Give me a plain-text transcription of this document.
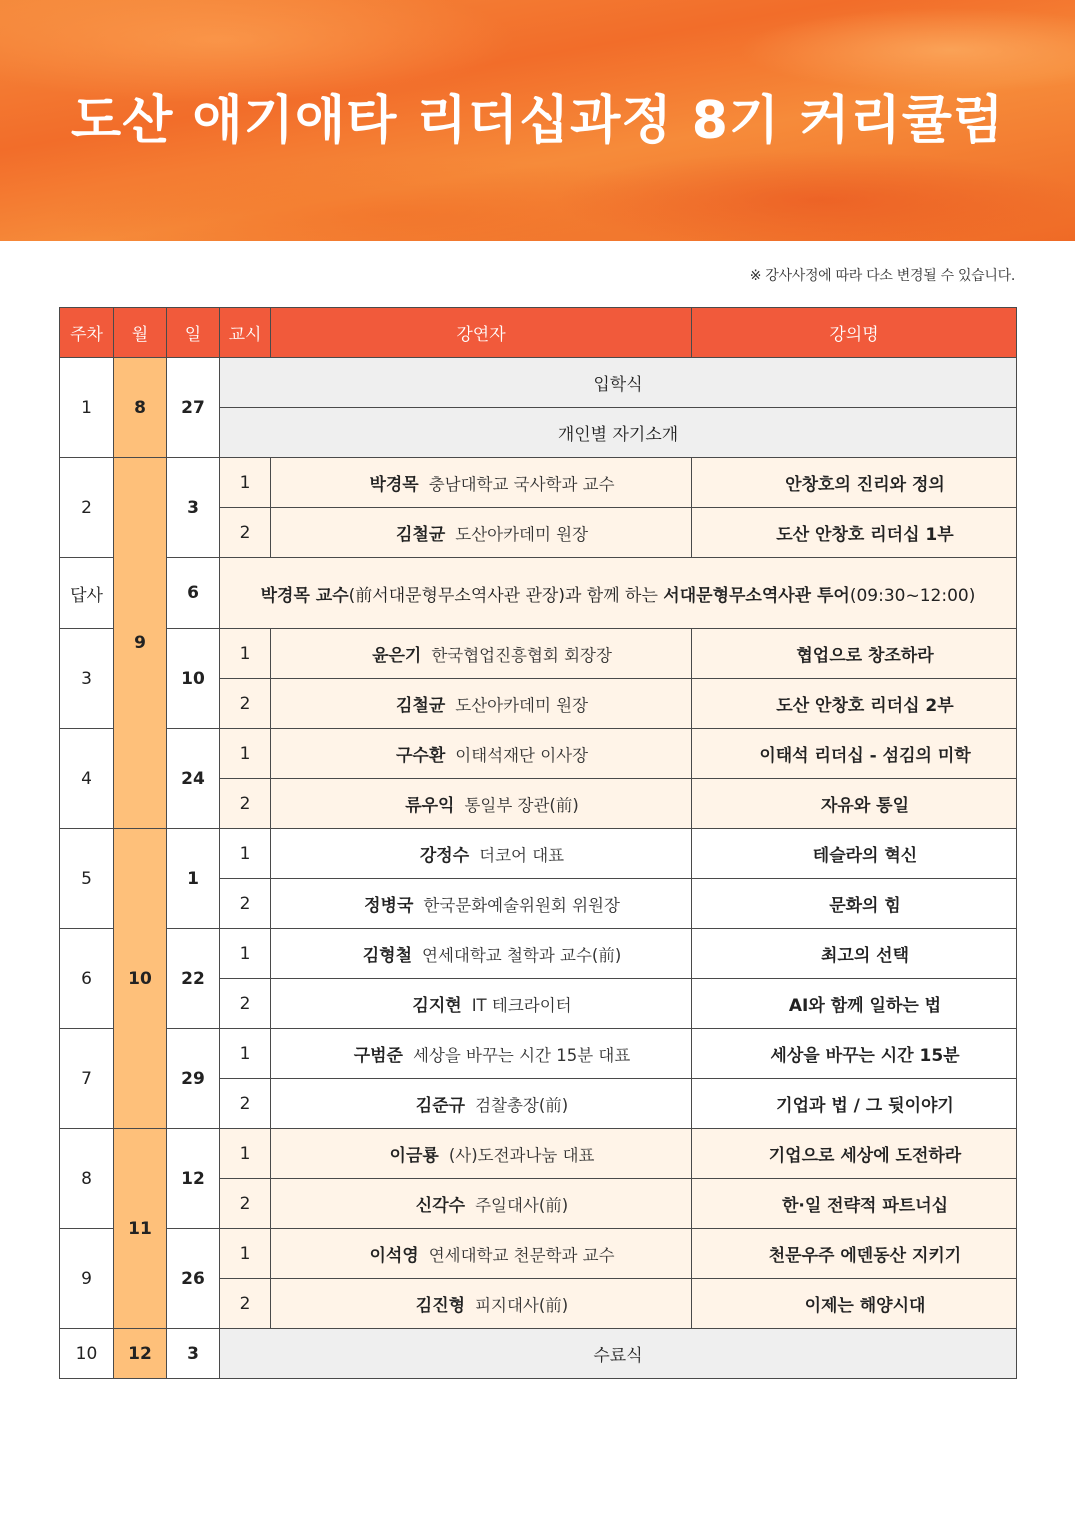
도산 애기애타 리더십과정 8기 커리큘럼
※ 강사사정에 따라 다소 변경될 수 있습니다.
주차	월	일	교시	강연자	강의명
1	8	27	입학식		
			개인별 자기소개		
2	9	3	1	박경목 충남대학교 국사학과 교수	안창호의 진리와 정의
			2	김철균 도산아카데미 원장	도산 안창호 리더십 1부
답사		6	박경목 교수(前서대문형무소역사관 관장)과 함께 하는 서대문형무소역사관 투어(09:30~12:00)		
3		10	1	윤은기 한국협업진흥협회 회장장	협업으로 창조하라
			2	김철균 도산아카데미 원장	도산 안창호 리더십 2부
4		24	1	구수환 이태석재단 이사장	이태석 리더십 - 섬김의 미학
			2	류우익 통일부 장관(前)	자유와 통일
5	10	1	1	강정수 더코어 대표	테슬라의 혁신
			2	정병국 한국문화예술위원회 위원장	문화의 힘
6		22	1	김형철 연세대학교 철학과 교수(前)	최고의 선택
			2	김지현 IT 테크라이터	AI와 함께 일하는 법
7		29	1	구범준 세상을 바꾸는 시간 15분 대표	세상을 바꾸는 시간 15분
			2	김준규 검찰총장(前)	기업과 법 / 그 뒷이야기
8	11	12	1	이금룡 (사)도전과나눔 대표	기업으로 세상에 도전하라
			2	신각수 주일대사(前)	한·일 전략적 파트너십
9		26	1	이석영 연세대학교 천문학과 교수	천문우주 에덴동산 지키기
			2	김진형 피지대사(前)	이제는 해양시대
10	12	3	수료식		
